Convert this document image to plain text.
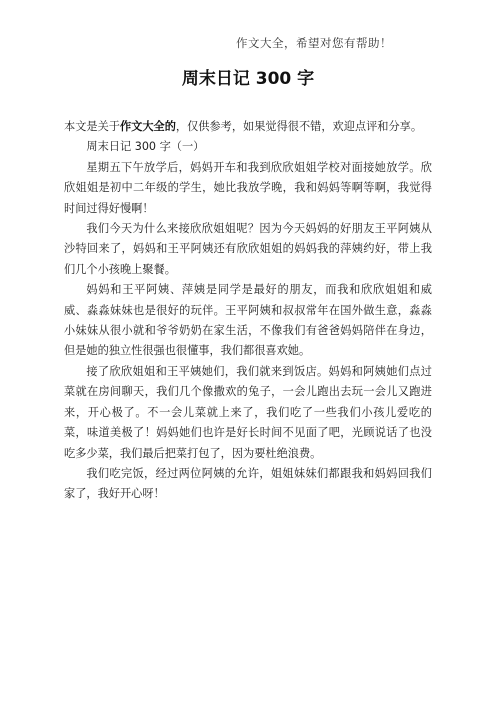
作文大全，希望对您有帮助！
周末日记 300 字

本文是关于作文大全的，仅供参考，如果觉得很不错，欢迎点评和分享。

周末日记 300 字（一）

星期五下午放学后，妈妈开车和我到欣欣姐姐学校对面接她放学。欣欣姐姐是初中二年级的学生，她比我放学晚，我和妈妈等啊等啊，我觉得时间过得好慢啊！

我们今天为什么来接欣欣姐姐呢？因为今天妈妈的好朋友王平阿姨从沙特回来了，妈妈和王平阿姨还有欣欣姐姐的妈妈我的萍姨约好，带上我们几个小孩晚上聚餐。

妈妈和王平阿姨、萍姨是同学是最好的朋友，而我和欣欣姐姐和威威、淼淼妹妹也是很好的玩伴。王平阿姨和叔叔常年在国外做生意，淼淼小妹妹从很小就和爷爷奶奶在家生活，不像我们有爸爸妈妈陪伴在身边，但是她的独立性很强也很懂事，我们都很喜欢她。

接了欣欣姐姐和王平姨她们，我们就来到饭店。妈妈和阿姨她们点过菜就在房间聊天，我们几个像撒欢的兔子，一会儿跑出去玩一会儿又跑进来，开心极了。不一会儿菜就上来了，我们吃了一些我们小孩儿爱吃的菜，味道美极了！妈妈她们也许是好长时间不见面了吧，光顾说话了也没吃多少菜，我们最后把菜打包了，因为要杜绝浪费。

我们吃完饭，经过两位阿姨的允许，姐姐妹妹们都跟我和妈妈回我们家了，我好开心呀！
